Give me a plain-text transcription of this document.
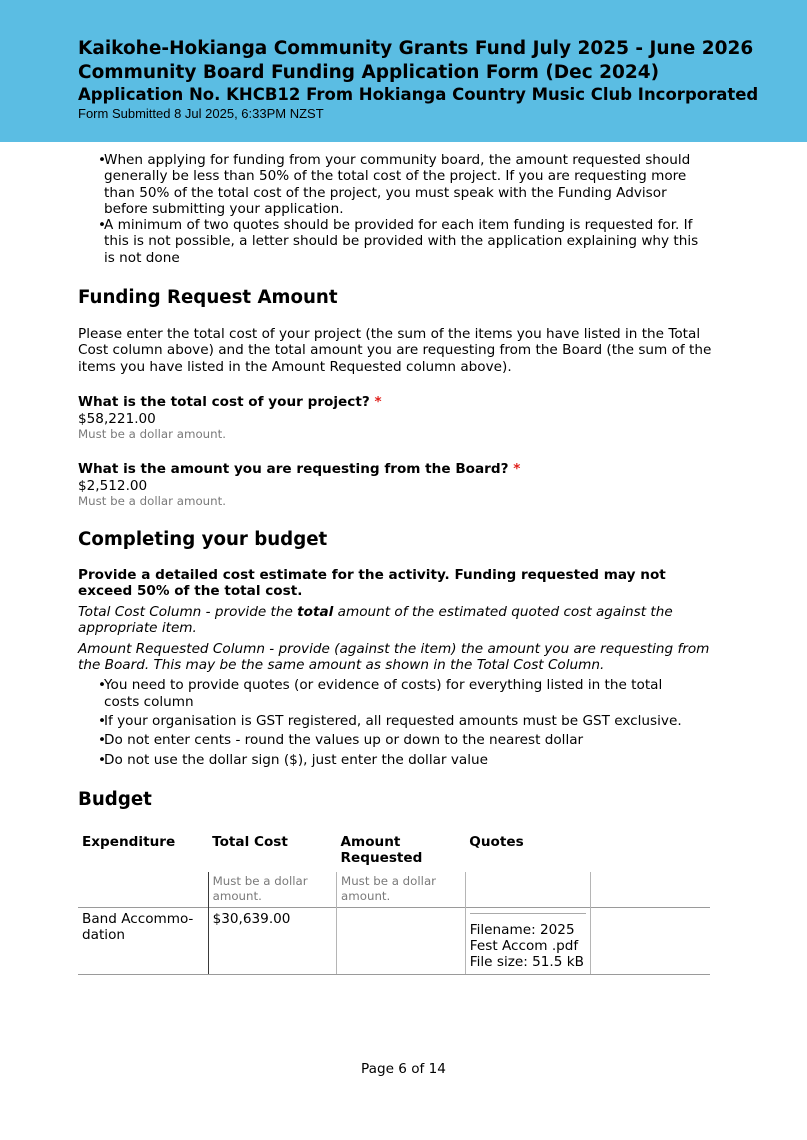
Kaikohe-Hokianga Community Grants Fund July 2025 - June 2026
Community Board Funding Application Form (Dec 2024)
Application No. KHCB12 From Hokianga Country Music Club Incorporated
Form Submitted 8 Jul 2025, 6:33PM NZST
•
When applying for funding from your community board, the amount requested should generally be less than 50% of the total cost of the project. If you are requesting more than 50% of the total cost of the project, you must speak with the Funding Advisor before submitting your application.
•
A minimum of two quotes should be provided for each item funding is requested for. If this is not possible, a letter should be provided with the application explaining why this is not done
Funding Request Amount

Please enter the total cost of your project (the sum of the items you have listed in the Total Cost column above) and the total amount you are requesting from the Board (the sum of the items you have listed in the Amount Requested column above).

What is the total cost of your project? *
$58,221.00
Must be a dollar amount.
What is the amount you are requesting from the Board? *
$2,512.00
Must be a dollar amount.
Completing your budget

Provide a detailed cost estimate for the activity. Funding requested may not exceed 50% of the total cost.

Total Cost Column - provide the total amount of the estimated quoted cost against the appropriate item.

Amount Requested Column - provide (against the item) the amount you are requesting from the Board. This may be the same amount as shown in the Total Cost Column.

•
You need to provide quotes (or evidence of costs) for everything listed in the total costs column
•
If your organisation is GST registered, all requested amounts must be GST exclusive.
•
Do not enter cents - round the values up or down to the nearest dollar
•
Do not use the dollar sign ($), just enter the dollar value
Budget
Expenditure	Total Cost	Amount Requested	Quotes	
	Must be a dollar amount.	Must be a dollar amount.		
Band Accommodation	$30,639.00		Filename: 2025 Fest Accom .pdf
File size: 51.5 kB	

Page 6 of 14
